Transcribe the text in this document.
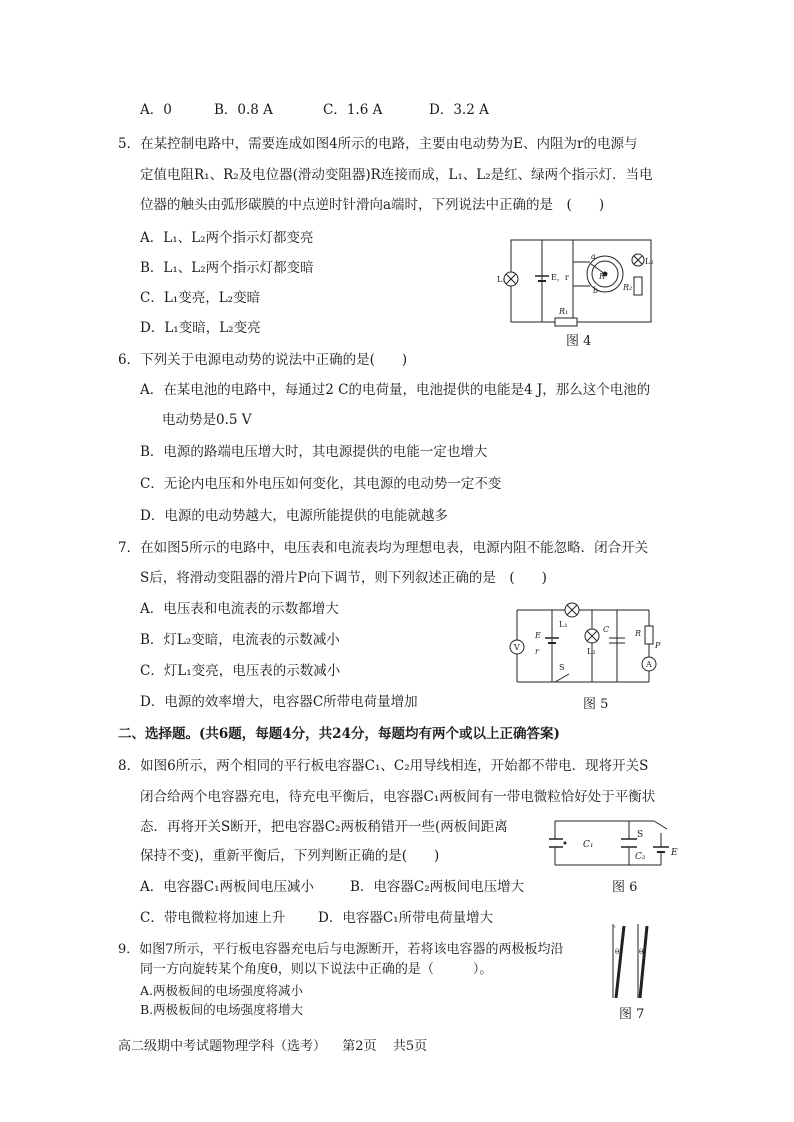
A．0	B．0.8 A	C．1.6 A	D．3.2 A
5．在某控制电路中，需要连成如图4所示的电路，主要由电动势为E、内阻为r的电源与
定值电阻R₁、R₂及电位器(滑动变阻器)R连接而成，L₁、L₂是红、绿两个指示灯．当电
位器的触头由弧形碳膜的中点逆时针滑向a端时，下列说法中正确的是　(　　)
A．L₁、L₂两个指示灯都变亮
B．L₁、L₂两个指示灯都变暗
C．L₁变亮，L₂变暗
D．L₁变暗，L₂变亮
L₁	E，r
a
b
R
L₂
R₂
R₁
图 4
6．下列关于电源电动势的说法中正确的是(　　)
A．在某电池的电路中，每通过2 C的电荷量，电池提供的电能是4 J，那么这个电池的
电动势是0.5 V
B．电源的路端电压增大时，其电源提供的电能一定也增大
C．无论内电压和外电压如何变化，其电源的电动势一定不变
D．电源的电动势越大，电源所能提供的电能就越多
7．在如图5所示的电路中，电压表和电流表均为理想电表，电源内阻不能忽略．闭合开关
S后，将滑动变阻器的滑片P向下调节，则下列叙述正确的是　(　　)
A．电压表和电流表的示数都增大
B．灯L₂变暗，电流表的示数减小
C．灯L₁变亮，电压表的示数减小
D．电源的效率增大，电容器C所带电荷量增加
V
A
E
r
L₁
L₂
C	R
P
S
图 5
二、选择题。(共6题，每题4分，共24分，每题均有两个或以上正确答案)
8．如图6所示，两个相同的平行板电容器C₁、C₂用导线相连，开始都不带电．现将开关S
闭合给两个电容器充电，待充电平衡后，电容器C₁两板间有一带电微粒恰好处于平衡状
态．再将开关S断开，把电容器C₂两板稍错开一些(两板间距离
保持不变)，重新平衡后，下列判断正确的是(　　)
A．电容器C₁两板间电压减小	B．电容器C₂两板间电压增大
C．带电微粒将加速上升 D．电容器C₁所带电荷量增大
C₁
C₂
S
E
图 6
9．如图7所示，平行板电容器充电后与电源断开，若将该电容器的两极板均沿
同一方向旋转某个角度θ，则以下说法中正确的是（　　　）。
A.两极板间的电场强度将减小
B.两极板间的电场强度将增大
θ	θ
图 7
高二级期中考试题物理学科（选考） 第2页 共5页
